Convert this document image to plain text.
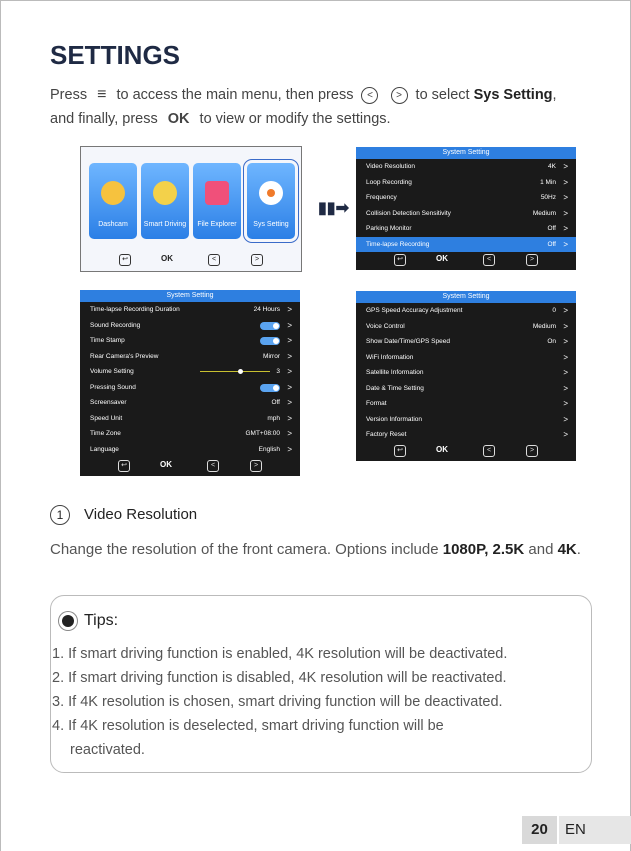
SETTINGS
Press ≡ to access the main menu, then press < > to select Sys Setting,
and finally, press OK to view or modify the settings.
Dashcam	Smart Driving	File Explorer	Sys Setting
↩	OK	<	>
▮▮➡
System Setting
Video Resolution	4K >
Loop Recording	1 Min >
Frequency	50Hz >
Collision Detection Sensitivity	Medium >
Parking Monitor	Off >
Time-lapse Recording	Off >
↩	OK	<	>
System Setting
Time-lapse Recording Duration	24 Hours >
Sound Recording	>
Time Stamp	>
Rear Camera's Preview	Mirror >
Volume Setting	3 >
Pressing Sound	>
Screensaver	Off >
Speed Unit	mph >
Time Zone	GMT+08:00 >
Language	English >
↩	OK	<	>
System Setting
GPS Speed Accuracy Adjustment	0 >
Voice Control	Medium >
Show Date/Time/GPS Speed	On >
WiFi Information	>
Satellite Information	>
Date & Time Setting	>
Format	>
Version Information	>
Factory Reset	>
↩	OK	<	>
1 Video Resolution
Change the resolution of the front camera. Options include 1080P, 2.5K and 4K.
Tips:
1. If smart driving function is enabled, 4K resolution will be deactivated.
2. If smart driving function is disabled, 4K resolution will be reactivated.
3. If 4K resolution is chosen, smart driving function will be deactivated.
4. If 4K resolution is deselected, smart driving function will be
reactivated.
20	EN
